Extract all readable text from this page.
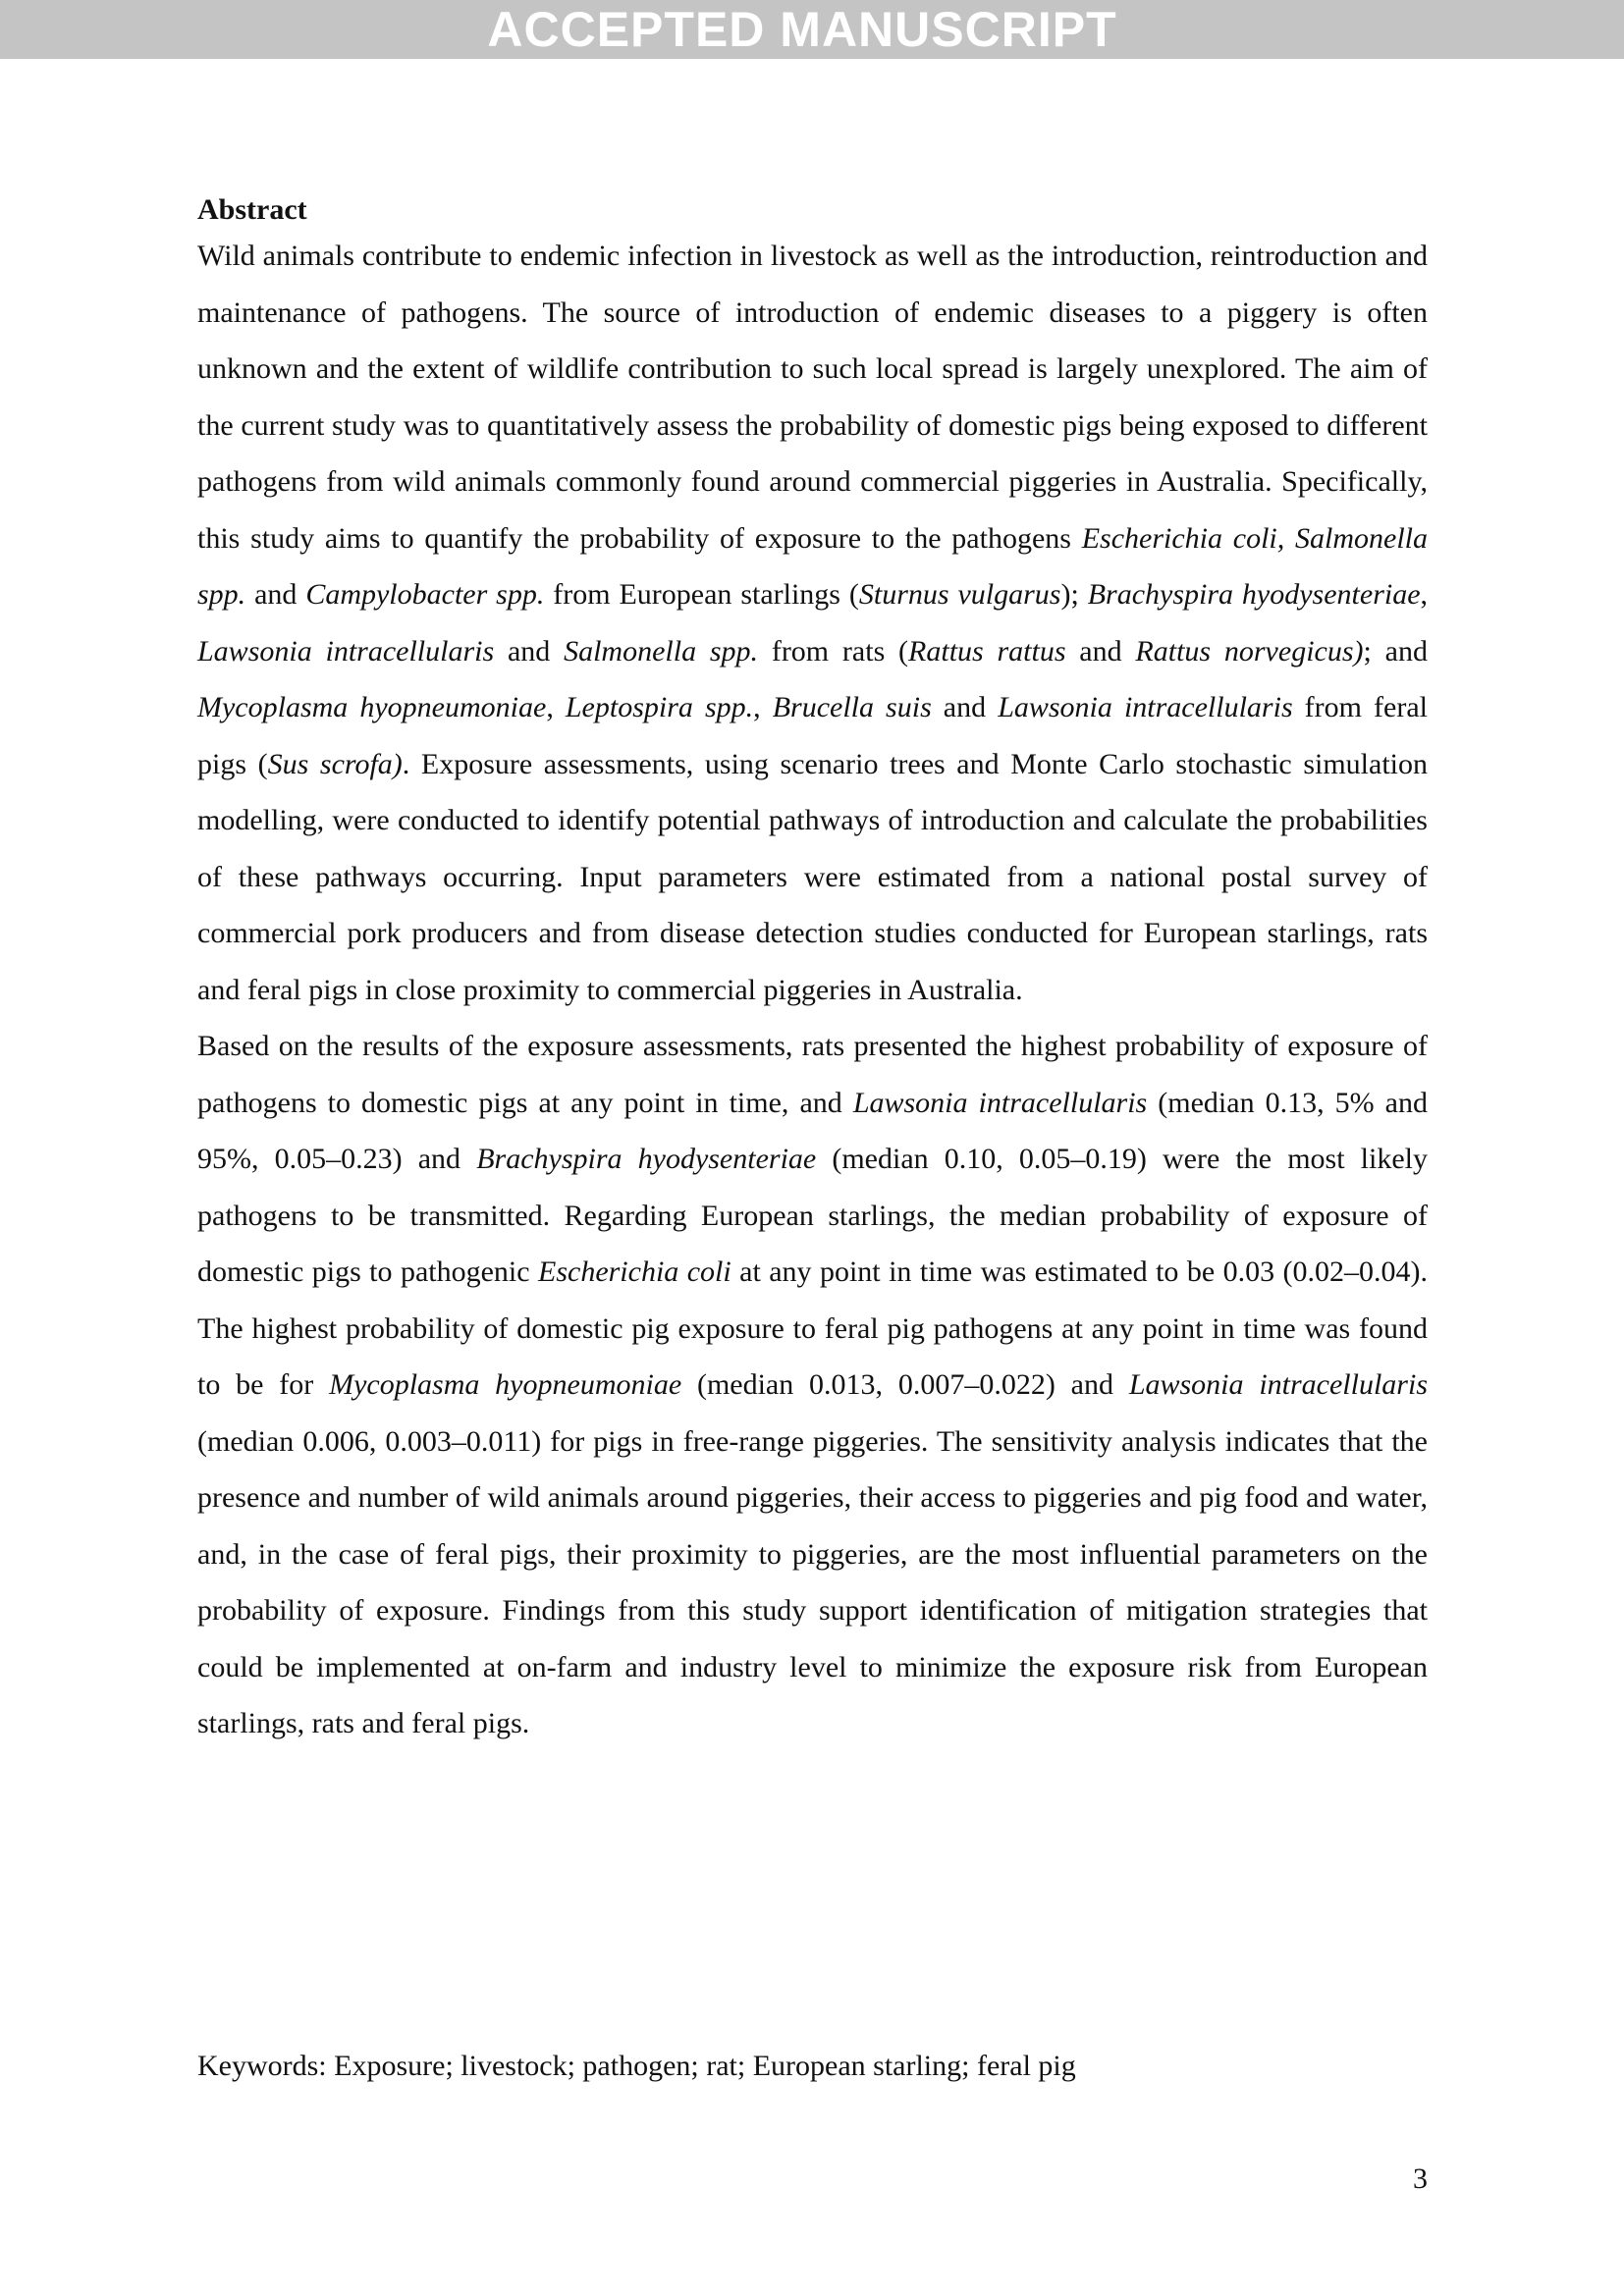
ACCEPTED MANUSCRIPT
Abstract

Wild animals contribute to endemic infection in livestock as well as the introduction, reintroduction and maintenance of pathogens. The source of introduction of endemic diseases to a piggery is often unknown and the extent of wildlife contribution to such local spread is largely unexplored. The aim of the current study was to quantitatively assess the probability of domestic pigs being exposed to different pathogens from wild animals commonly found around commercial piggeries in Australia. Specifically, this study aims to quantify the probability of exposure to the pathogens Escherichia coli, Salmonella spp. and Campylobacter spp. from European starlings (Sturnus vulgarus); Brachyspira hyodysenteriae, Lawsonia intracellularis and Salmonella spp. from rats (Rattus rattus and Rattus norvegicus); and Mycoplasma hyopneumoniae, Leptospira spp., Brucella suis and Lawsonia intracellularis from feral pigs (Sus scrofa). Exposure assessments, using scenario trees and Monte Carlo stochastic simulation modelling, were conducted to identify potential pathways of introduction and calculate the probabilities of these pathways occurring. Input parameters were estimated from a national postal survey of commercial pork producers and from disease detection studies conducted for European starlings, rats and feral pigs in close proximity to commercial piggeries in Australia.

Based on the results of the exposure assessments, rats presented the highest probability of exposure of pathogens to domestic pigs at any point in time, and Lawsonia intracellularis (median 0.13, 5% and 95%, 0.05–0.23) and Brachyspira hyodysenteriae (median 0.10, 0.05–0.19) were the most likely pathogens to be transmitted. Regarding European starlings, the median probability of exposure of domestic pigs to pathogenic Escherichia coli at any point in time was estimated to be 0.03 (0.02–0.04). The highest probability of domestic pig exposure to feral pig pathogens at any point in time was found to be for Mycoplasma hyopneumoniae (median 0.013, 0.007–0.022) and Lawsonia intracellularis (median 0.006, 0.003–0.011) for pigs in free-range piggeries. The sensitivity analysis indicates that the presence and number of wild animals around piggeries, their access to piggeries and pig food and water, and, in the case of feral pigs, their proximity to piggeries, are the most influential parameters on the probability of exposure. Findings from this study support identification of mitigation strategies that could be implemented at on-farm and industry level to minimize the exposure risk from European starlings, rats and feral pigs.

Keywords: Exposure; livestock; pathogen; rat; European starling; feral pig
3
